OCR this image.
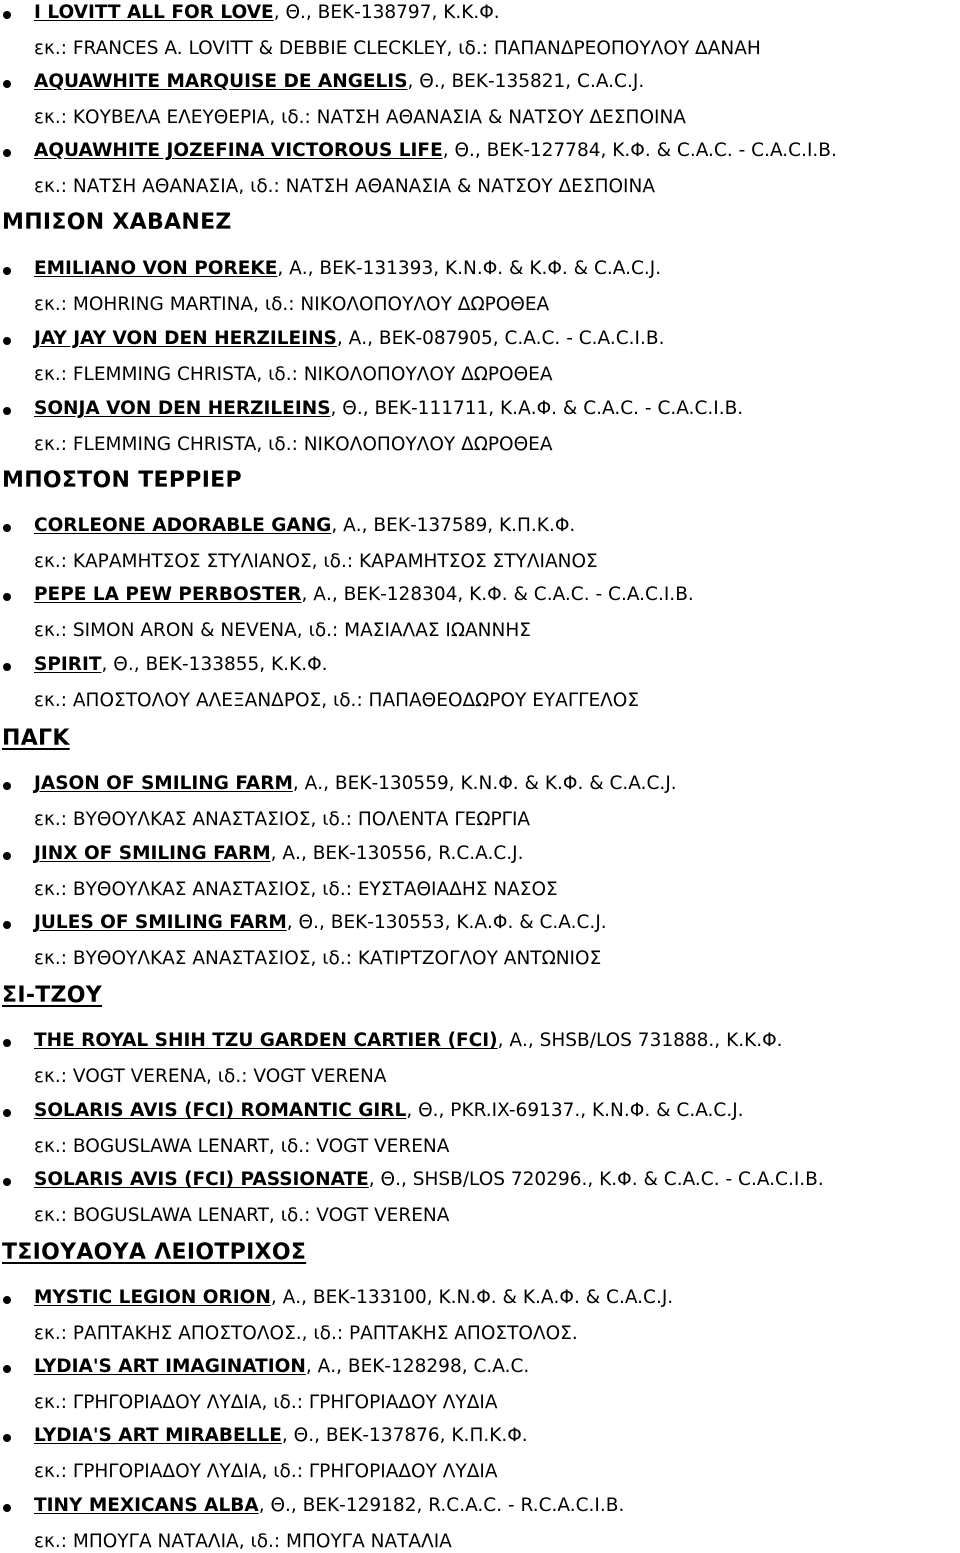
I LOVITT ALL FOR LOVE, Θ., ΒΕΚ-138797, Κ.Κ.Φ.
εκ.: FRANCES A. LOVITT & DEBBIE CLECKLEY, ιδ.: ΠΑΠΑΝΔΡΕΟΠΟΥΛΟΥ ΔΑΝΑΗ
AQUAWHITE MARQUISE DE ANGELIS, Θ., ΒΕΚ-135821, C.A.C.J.
εκ.: ΚΟΥΒΕΛΑ ΕΛΕΥΘΕΡΙΑ, ιδ.: ΝΑΤΣΗ ΑΘΑΝΑΣΙΑ & ΝΑΤΣΟΥ ΔΕΣΠΟΙΝΑ
AQUAWHITE JOZEFINA VICTOROUS LIFE, Θ., ΒΕΚ-127784, Κ.Φ. & C.A.C. - C.A.C.I.B.
εκ.: ΝΑΤΣΗ ΑΘΑΝΑΣΙΑ, ιδ.: ΝΑΤΣΗ ΑΘΑΝΑΣΙΑ & ΝΑΤΣΟΥ ΔΕΣΠΟΙΝΑ
ΜΠΙΣΟΝ ΧΑΒΑΝΕΖ
EMILIANO VON POREKE, Α., ΒΕΚ-131393, Κ.Ν.Φ. & Κ.Φ. & C.A.C.J.
εκ.: MOHRING MARTINA, ιδ.: ΝΙΚΟΛΟΠΟΥΛΟΥ ΔΩΡΟΘΕΑ
JAY JAY VON DEN HERZILEINS, Α., ΒΕΚ-087905, C.A.C. - C.A.C.I.B.
εκ.: FLEMMING CHRISTA, ιδ.: ΝΙΚΟΛΟΠΟΥΛΟΥ ΔΩΡΟΘΕΑ
SONJA VON DEN HERZILEINS, Θ., ΒΕΚ-111711, Κ.Α.Φ. & C.A.C. - C.A.C.I.B.
εκ.: FLEMMING CHRISTA, ιδ.: ΝΙΚΟΛΟΠΟΥΛΟΥ ΔΩΡΟΘΕΑ
ΜΠΟΣΤΟΝ ΤΕΡΡΙΕΡ
CORLEONE ADORABLE GANG, Α., ΒΕΚ-137589, Κ.Π.Κ.Φ.
εκ.: ΚΑΡΑΜΗΤΣΟΣ ΣΤΥΛΙΑΝΟΣ, ιδ.: ΚΑΡΑΜΗΤΣΟΣ ΣΤΥΛΙΑΝΟΣ
PEPE LA PEW PERBOSTER, Α., ΒΕΚ-128304, Κ.Φ. & C.A.C. - C.A.C.I.B.
εκ.: SIMON ARON & NEVENA, ιδ.: ΜΑΣΙΑΛΑΣ ΙΩΑΝΝΗΣ
SPIRIT, Θ., ΒΕΚ-133855, Κ.Κ.Φ.
εκ.: ΑΠΟΣΤΟΛΟΥ ΑΛΕΞΑΝΔΡΟΣ, ιδ.: ΠΑΠΑΘΕΟΔΩΡΟΥ ΕΥΑΓΓΕΛΟΣ
ΠΑΓΚ
JASON OF SMILING FARM, Α., ΒΕΚ-130559, Κ.Ν.Φ. & Κ.Φ. & C.A.C.J.
εκ.: ΒΥΘΟΥΛΚΑΣ ΑΝΑΣΤΑΣΙΟΣ, ιδ.: ΠΟΛΕΝΤΑ ΓΕΩΡΓΙΑ
JINX OF SMILING FARM, Α., ΒΕΚ-130556, R.C.A.C.J.
εκ.: ΒΥΘΟΥΛΚΑΣ ΑΝΑΣΤΑΣΙΟΣ, ιδ.: ΕΥΣΤΑΘΙΑΔΗΣ ΝΑΣΟΣ
JULES OF SMILING FARM, Θ., ΒΕΚ-130553, Κ.Α.Φ. & C.A.C.J.
εκ.: ΒΥΘΟΥΛΚΑΣ ΑΝΑΣΤΑΣΙΟΣ, ιδ.: ΚΑΤΙΡΤΖΟΓΛΟΥ ΑΝΤΩΝΙΟΣ
ΣΙ-ΤΖΟΥ
THE ROYAL SHIH TZU GARDEN CARTIER (FCI), Α., SHSB/LOS 731888., Κ.Κ.Φ.
εκ.: VOGT VERENA, ιδ.: VOGT VERENA
SOLARIS AVIS (FCI) ROMANTIC GIRL, Θ., PKR.IX-69137., Κ.Ν.Φ. & C.A.C.J.
εκ.: BOGUSLAWA LENART, ιδ.: VOGT VERENA
SOLARIS AVIS (FCI) PASSIONATE, Θ., SHSB/LOS 720296., Κ.Φ. & C.A.C. - C.A.C.I.B.
εκ.: BOGUSLAWA LENART, ιδ.: VOGT VERENA
ΤΣΙΟΥΑΟΥΑ ΛΕΙΟΤΡΙΧΟΣ
MYSTIC LEGION ORION, Α., ΒΕΚ-133100, Κ.Ν.Φ. & Κ.Α.Φ. & C.A.C.J.
εκ.: ΡΑΠΤΑΚΗΣ ΑΠΟΣΤΟΛΟΣ., ιδ.: ΡΑΠΤΑΚΗΣ ΑΠΟΣΤΟΛΟΣ.
LYDIA'S ART IMAGINATION, Α., ΒΕΚ-128298, C.A.C.
εκ.: ΓΡΗΓΟΡΙΑΔΟΥ ΛΥΔΙΑ, ιδ.: ΓΡΗΓΟΡΙΑΔΟΥ ΛΥΔΙΑ
LYDIA'S ART MIRABELLE, Θ., ΒΕΚ-137876, Κ.Π.Κ.Φ.
εκ.: ΓΡΗΓΟΡΙΑΔΟΥ ΛΥΔΙΑ, ιδ.: ΓΡΗΓΟΡΙΑΔΟΥ ΛΥΔΙΑ
TINY MEXICANS ALBA, Θ., ΒΕΚ-129182, R.C.A.C. - R.C.A.C.I.B.
εκ.: ΜΠΟΥΓΑ ΝΑΤΑΛΙΑ, ιδ.: ΜΠΟΥΓΑ ΝΑΤΑΛΙΑ
